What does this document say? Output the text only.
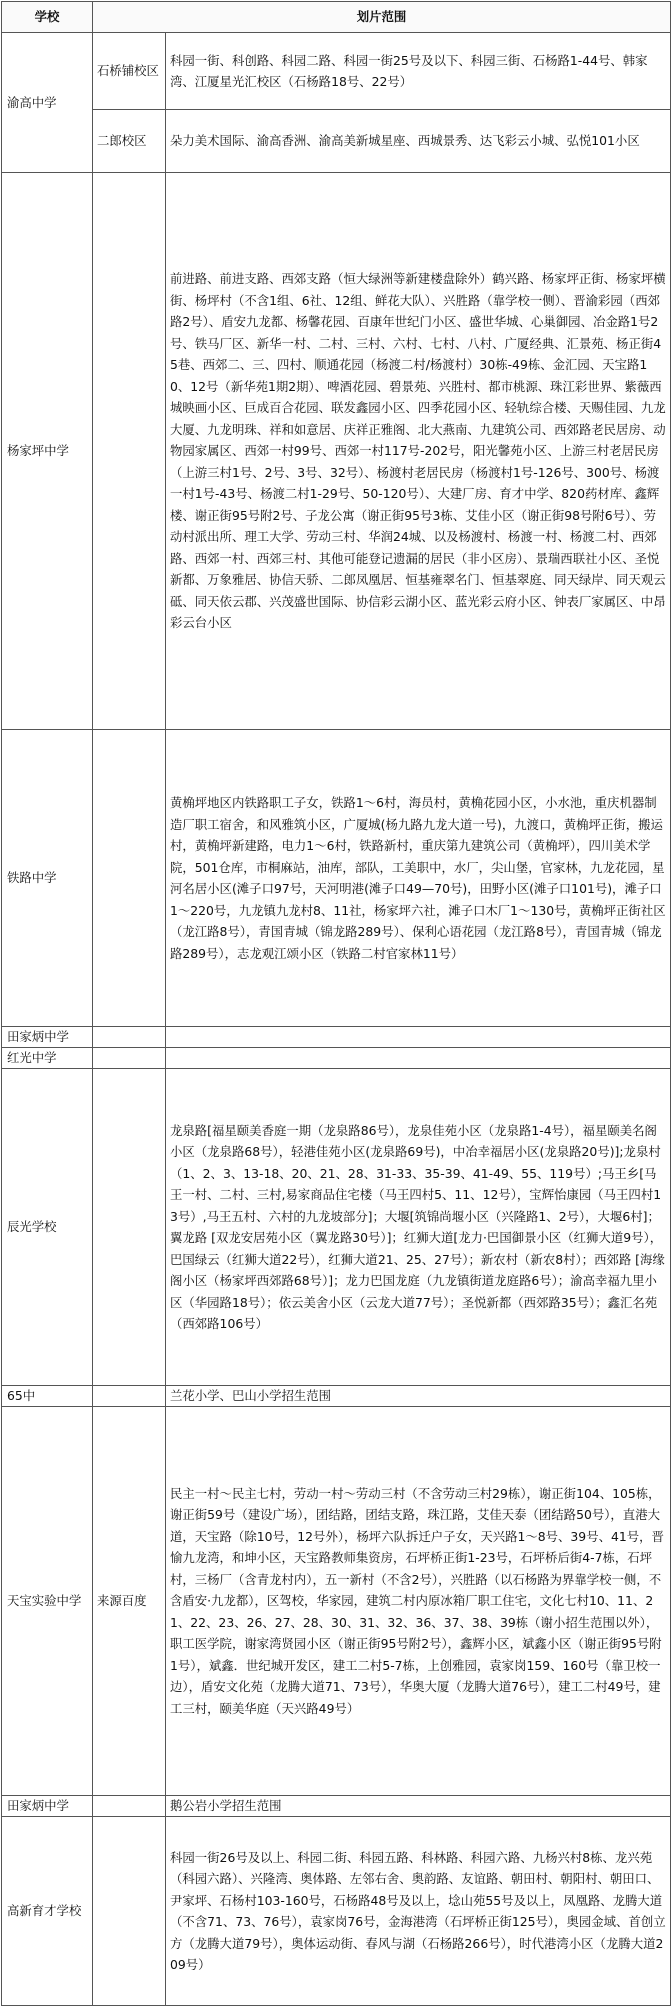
学校	划片范围	
渝高中学	石桥铺校区	科园一街、科创路、科园二路、科园一街25号及以下、科园三街、石杨路1-44号、韩家湾、江厦星光汇校区（石杨路18号、22号）
	二郎校区	朵力美术国际、渝高香洲、渝高美新城星座、西城景秀、达飞彩云小城、弘悦101小区
杨家坪中学		前进路、前进支路、西郊支路（恒大绿洲等新建楼盘除外）鹤兴路、杨家坪正街、杨家坪横街、杨坪村（不含1组、6社、12组、鲜花大队）、兴胜路（靠学校一侧）、晋渝彩园（西郊路2号）、盾安九龙都、杨馨花园、百康年世纪门小区、盛世华城、心巢御园、冶金路1号2号、铁马厂区、新华一村、二村、三村、六村、七村、八村、广厦经典、汇景苑、杨正街45巷、西郊二、三、四村、顺通花园（杨渡二村/杨渡村）30栋-49栋、金汇园、天宝路10、12号（新华苑1期2期）、啤酒花园、碧景苑、兴胜村、都市桃源、珠江彩世界、紫薇西城映画小区、巨成百合花园、联发鑫园小区、四季花园小区、轻轨综合楼、天赐佳园、九龙大厦、九龙明珠、祥和如意居、庆祥正雅阁、北大燕南、九建筑公司、西郊路老民居房、动物园家属区、西郊一村99号、西郊一村117号-202号，阳光馨苑小区、上游三村老居民房（上游三村1号、2号、3号、32号）、杨渡村老居民房（杨渡村1号-126号、300号、杨渡一村1号-43号、杨渡二村1-29号、50-120号）、大建厂房、育才中学、820药材库、鑫辉楼、谢正街95号附2号、子龙公寓（谢正街95号3栋、艾佳小区（谢正街98号附6号）、劳动村派出所、理工大学、劳动三村、华润24城、以及杨渡村、杨渡一村、杨渡二村、西郊路、西郊一村、西郊三村、其他可能登记遗漏的居民（非小区房）、景瑞西联社小区、圣悦新都、万象雅居、协信天骄、二郎凤凰居、恒基雍翠名门、恒基翠庭、同天绿岸、同天观云砥、同天依云郡、兴茂盛世国际、协信彩云湖小区、蓝光彩云府小区、钟表厂家属区、中昂彩云台小区
铁路中学		黄桷坪地区内铁路职工子女，铁路1～6村，海员村，黄桷花园小区，小水池，重庆机器制造厂职工宿舍，和风雅筑小区，广厦城(杨九路九龙大道一号)，九渡口，黄桷坪正街，搬运村，黄桷坪新建路，电力1～6村，铁路新村，重庆第九建筑公司（黄桷坪），四川美术学院，501仓库，市桐麻站，油库，部队，工美职中，水厂，尖山堡，官家林，九龙花园，星河名居小区(滩子口97号，天河明港(滩子口49—70号)，田野小区(滩子口101号)，滩子口1～220号，九龙镇九龙村8、11社，杨家坪六社，滩子口木厂1～130号，黄桷坪正街社区（龙江路8号），青国青城（锦龙路289号）、保利心语花园（龙江路8号），青国青城（锦龙路289号），志龙观江颂小区（铁路二村官家林11号）
田家炳中学		
红光中学		
辰光学校		龙泉路[福星颐美香庭一期（龙泉路86号），龙泉佳苑小区（龙泉路1-4号），福星颐美名阁小区（龙泉路68号），轻港佳苑小区(龙泉路69号)，中冶幸福居小区(龙泉路20号)];龙泉村（1、2、3、13-18、20、21、28、31-33、35-39、41-49、55、119号）;马王乡[马王一村、二村、三村,易家商品住宅楼（马王四村5、11、12号），宝辉怡康园（马王四村13号）,马王五村、六村的九龙坡部分]；大堰[筑锦尚堰小区（兴隆路1、2号），大堰6村]；翼龙路 [双龙安居苑小区（翼龙路30号）]；红狮大道[龙力·巴国御景小区（红狮大道9号），巴国绿云（红狮大道22号），红狮大道21、25、27号）；新农村（新农8村）；西郊路 [海缘阁小区（杨家坪西郊路68号）]；龙力巴国龙庭（九龙镇街道龙庭路6号）；渝高幸福九里小区（华园路18号）；依云美舍小区（云龙大道77号）；圣悦新都（西郊路35号）；鑫汇名苑（西郊路106号）
65中		兰花小学、巴山小学招生范围
天宝实验中学	来源百度	民主一村～民主七村，劳动一村～劳动三村（不含劳动三村29栋），谢正街104、105栋，谢正街59号（建设广场），团结路，团结支路，珠江路，艾佳天泰（团结路50号），直港大道，天宝路（除10号，12号外），杨坪六队拆迁户子女，天兴路1～8号、39号、41号，晋愉九龙湾，和坤小区，天宝路教师集资房，石坪桥正街1-23号，石坪桥后街4-7栋，石坪村，三杨厂（含青龙村内），五一新村（不含2号），兴胜路（以石杨路为界靠学校一侧，不含盾安·九龙都），区驾校，华家园，建筑二村内原冰箱厂职工住宅，文化七村10、11、21、22、23、26、27、28、30、31、32、36、37、38、39栋（谢小招生范围以外），职工医学院，谢家湾贤园小区（谢正街95号附2号），鑫辉小区，斌鑫小区（谢正街95号附1号），斌鑫．世纪城开发区，建工二村5-7栋，上创雅园，袁家岗159、160号（靠卫校一边），盾安文化苑（龙腾大道71、73号），华奥大厦（龙腾大道76号），建工二村49号，建工三村，颐美华庭（天兴路49号）
田家炳中学		鹅公岩小学招生范围
高新育才学校		科园一街26号及以上、科园二街、科园五路、科林路、科园六路、九杨兴村8栋、龙兴苑（科园六路）、兴隆湾、奥体路、左邻右舍、奥韵路、友谊路、朝田村、朝阳村、朝田口、尹家坪、石杨村103-160号，石杨路48号及以上，埝山苑55号及以上，凤凰路、龙腾大道（不含71、73、76号），袁家岗76号，金海港湾（石坪桥正街125号），奥园金域、首创立方（龙腾大道79号），奥体运动街、春风与湖（石杨路266号），时代港湾小区（龙腾大道209号）
